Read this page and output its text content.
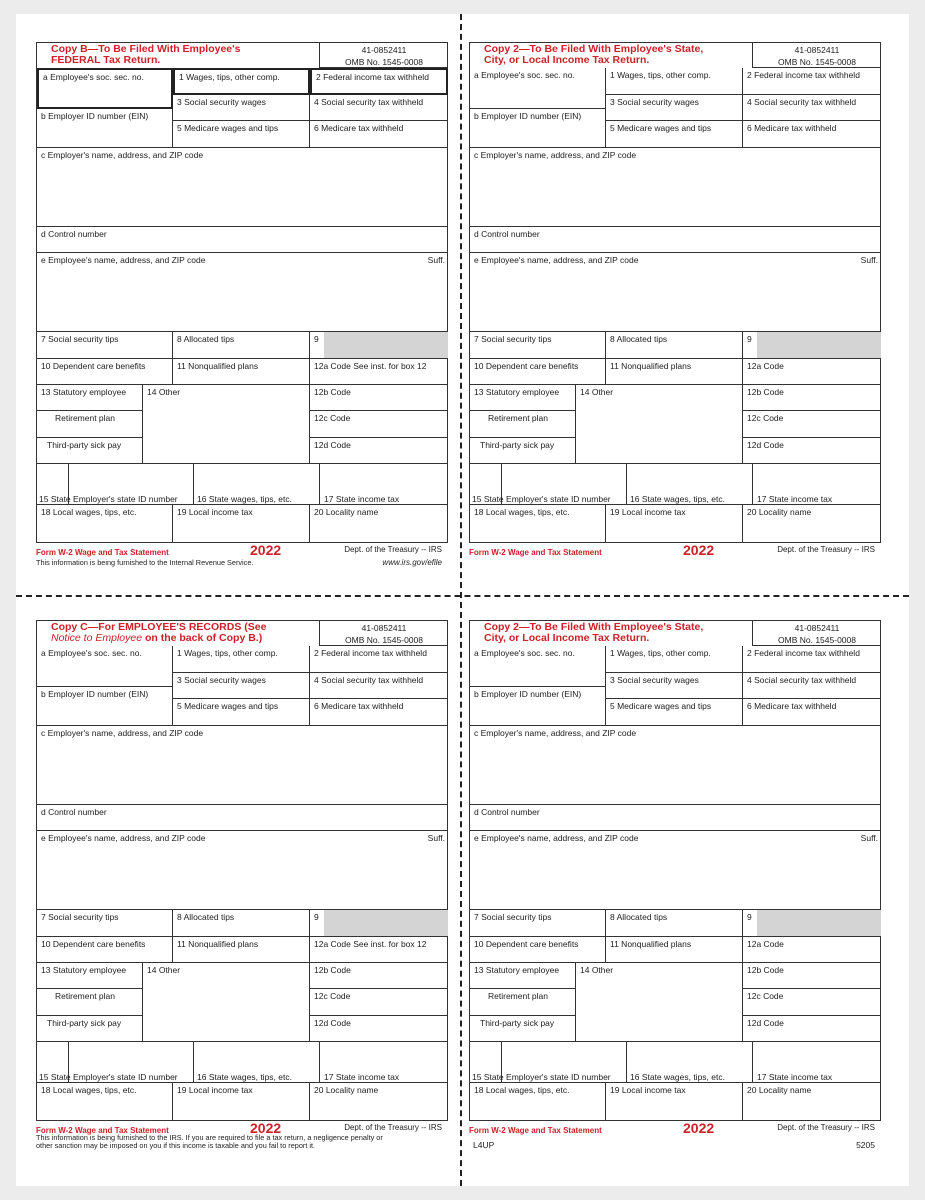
Copy B—To Be Filed With Employee's
FEDERAL Tax Return.
41-0852411
OMB No. 1545-0008
a Employee's soc. sec. no.	1 Wages, tips, other comp.	2 Federal income tax withheld
3 Social security wages	4 Social security tax withheld
b Employer ID number (EIN)
5 Medicare wages and tips	6 Medicare tax withheld
c Employer's name, address, and ZIP code
d Control number
e Employee's name, address, and ZIP code	Suff.
7 Social security tips	8 Allocated tips	9
10 Dependent care benefits	11 Nonqualified plans	12a Code See inst. for box 12
13 Statutory employee
Retirement plan
Third-party sick pay
14 Other	12b Code
12c Code
12d Code
15 State Employer's state ID number 16 State wages, tips, etc.	17 State income tax
18 Local wages, tips, etc.	19 Local income tax	20 Locality name
Form W-2 Wage and Tax Statement	2022	Dept. of the Treasury -- IRS
This information is being furnished to the Internal Revenue Service.	www.irs.gov/efile
Copy 2—To Be Filed With Employee's State,
City, or Local Income Tax Return.
41-0852411
OMB No. 1545-0008
a Employee's soc. sec. no.	1 Wages, tips, other comp.	2 Federal income tax withheld
3 Social security wages	4 Social security tax withheld
b Employer ID number (EIN)
5 Medicare wages and tips	6 Medicare tax withheld
c Employer's name, address, and ZIP code
d Control number
e Employee's name, address, and ZIP code	Suff.
7 Social security tips	8 Allocated tips	9
10 Dependent care benefits	11 Nonqualified plans	12a Code
13 Statutory employee
Retirement plan
Third-party sick pay
14 Other	12b Code
12c Code
12d Code
15 State Employer's state ID number 16 State wages, tips, etc.	17 State income tax
18 Local wages, tips, etc.	19 Local income tax	20 Locality name
Form W-2 Wage and Tax Statement	2022	Dept. of the Treasury -- IRS
Copy C—For EMPLOYEE'S RECORDS (See
Notice to Employee on the back of Copy B.)
41-0852411
OMB No. 1545-0008
a Employee's soc. sec. no.	1 Wages, tips, other comp.	2 Federal income tax withheld
3 Social security wages	4 Social security tax withheld
b Employer ID number (EIN)
5 Medicare wages and tips	6 Medicare tax withheld
c Employer's name, address, and ZIP code
d Control number
e Employee's name, address, and ZIP code	Suff.
7 Social security tips	8 Allocated tips	9
10 Dependent care benefits	11 Nonqualified plans	12a Code See inst. for box 12
13 Statutory employee
Retirement plan
Third-party sick pay
14 Other	12b Code
12c Code
12d Code
15 State Employer's state ID number 16 State wages, tips, etc.	17 State income tax
18 Local wages, tips, etc.	19 Local income tax	20 Locality name
Form W-2 Wage and Tax Statement	2022	Dept. of the Treasury -- IRS
This information is being furnished to the IRS. If you are required to file a tax return, a negligence penalty or other sanction may be imposed on you if this income is taxable and you fail to report it.
Copy 2—To Be Filed With Employee's State,
City, or Local Income Tax Return.
41-0852411
OMB No. 1545-0008
a Employee's soc. sec. no.	1 Wages, tips, other comp.	2 Federal income tax withheld
3 Social security wages	4 Social security tax withheld
b Employer ID number (EIN)
5 Medicare wages and tips	6 Medicare tax withheld
c Employer's name, address, and ZIP code
d Control number
e Employee's name, address, and ZIP code	Suff.
7 Social security tips	8 Allocated tips	9
10 Dependent care benefits	11 Nonqualified plans	12a Code
13 Statutory employee
Retirement plan
Third-party sick pay
14 Other	12b Code
12c Code
12d Code
15 State Employer's state ID number 16 State wages, tips, etc.	17 State income tax
18 Local wages, tips, etc.	19 Local income tax	20 Locality name
Form W-2 Wage and Tax Statement	2022	Dept. of the Treasury -- IRS
L4UP	5205
